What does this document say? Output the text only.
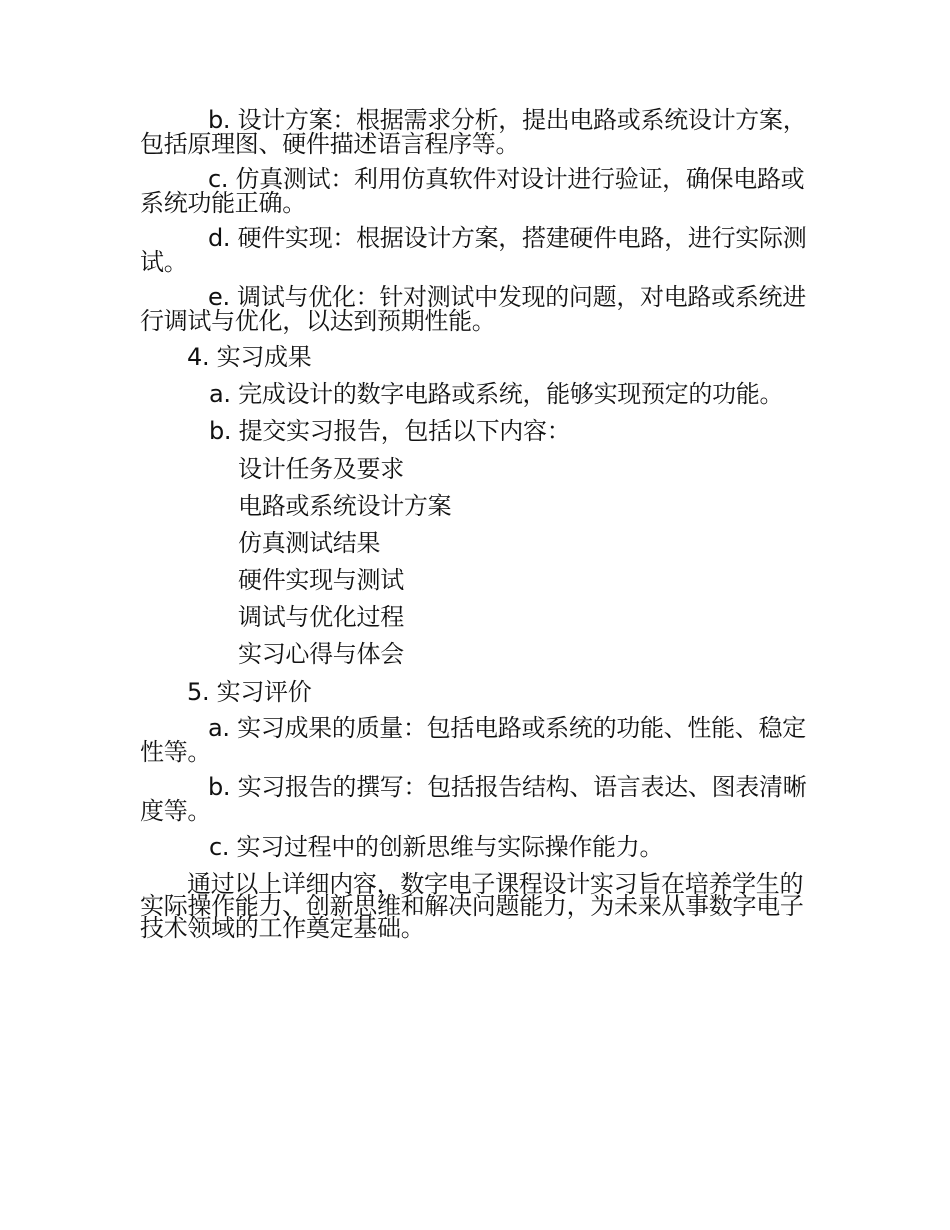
b. 设计方案：根据需求分析，提出电路或系统设计方案，包括原理图、硬件描述语言程序等。

c. 仿真测试：利用仿真软件对设计进行验证，确保电路或系统功能正确。

d. 硬件实现：根据设计方案，搭建硬件电路，进行实际测试。

e. 调试与优化：针对测试中发现的问题，对电路或系统进行调试与优化，以达到预期性能。

4. 实习成果

a. 完成设计的数字电路或系统，能够实现预定的功能。

b. 提交实习报告，包括以下内容：

设计任务及要求

电路或系统设计方案

仿真测试结果

硬件实现与测试

调试与优化过程

实习心得与体会

5. 实习评价

a. 实习成果的质量：包括电路或系统的功能、性能、稳定性等。

b. 实习报告的撰写：包括报告结构、语言表达、图表清晰度等。

c. 实习过程中的创新思维与实际操作能力。

通过以上详细内容，数字电子课程设计实习旨在培养学生的实际操作能力、创新思维和解决问题能力，为未来从事数字电子技术领域的工作奠定基础。
